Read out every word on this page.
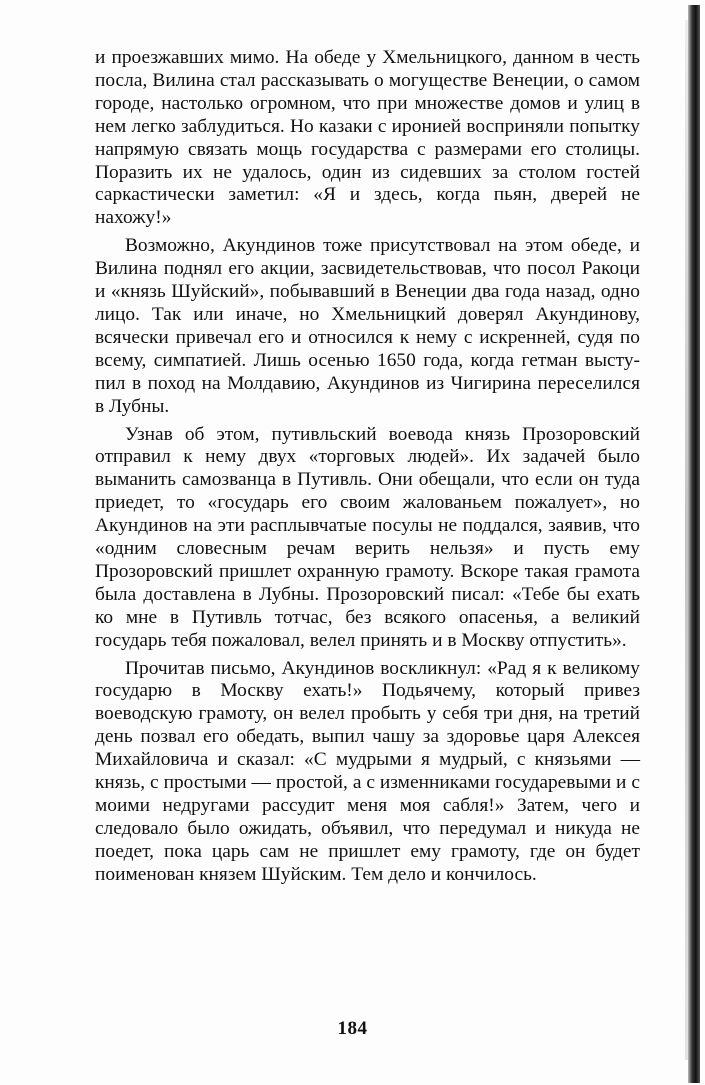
и проезжавших мимо. На обеде у Хмельницкого, данном в честь посла, Вилина стал рассказывать о могуществе Венеции, о самом городе, настолько огромном, что при множестве домов и улиц в нем легко заблудиться. Но казаки с иронией восприняли попытку напрямую связать мощь государства с размерами его столицы. Поразить их не удалось, один из сидевших за столом гостей саркастически заметил: «Я и здесь, когда пьян, дверей не нахожу!»

Возможно, Акундинов тоже присутствовал на этом обеде, и Вилина поднял его акции, засвидетельствовав, что посол Ракоци и «князь Шуйский», побывавший в Венеции два года назад, одно лицо. Так или иначе, но Хмельницкий доверял Акундинову, всячески привечал его и относился к нему с искренней, судя по всему, симпатией. Лишь осенью 1650 года, когда гетман выступил в поход на Молдавию, Акундинов из Чигирина переселился в Лубны.

Узнав об этом, путивльский воевода князь Прозоровский отправил к нему двух «торговых людей». Их задачей было выманить самозванца в Путивль. Они обещали, что если он туда приедет, то «государь его своим жалованьем пожалует», но Акундинов на эти расплывчатые посулы не поддался, заявив, что «одним словесным речам верить нельзя» и пусть ему Прозоровский пришлет охранную грамоту. Вскоре такая грамота была доставлена в Лубны. Прозоровский писал: «Тебе бы ехать ко мне в Путивль тотчас, без всякого опасенья, а великий государь тебя пожаловал, велел принять и в Москву отпустить».

Прочитав письмо, Акундинов воскликнул: «Рад я к великому государю в Москву ехать!» Подьячему, который привез воеводскую грамоту, он велел пробыть у себя три дня, на третий день позвал его обедать, выпил чашу за здоровье царя Алексея Михайловича и сказал: «С мудрыми я мудрый, с князьями — князь, с простыми — простой, а с изменниками государевыми и с моими недругами рассудит меня моя сабля!» Затем, чего и следовало было ожидать, объявил, что передумал и никуда не поедет, пока царь сам не пришлет ему грамоту, где он будет поименован князем Шуйским. Тем дело и кончилось.

184
